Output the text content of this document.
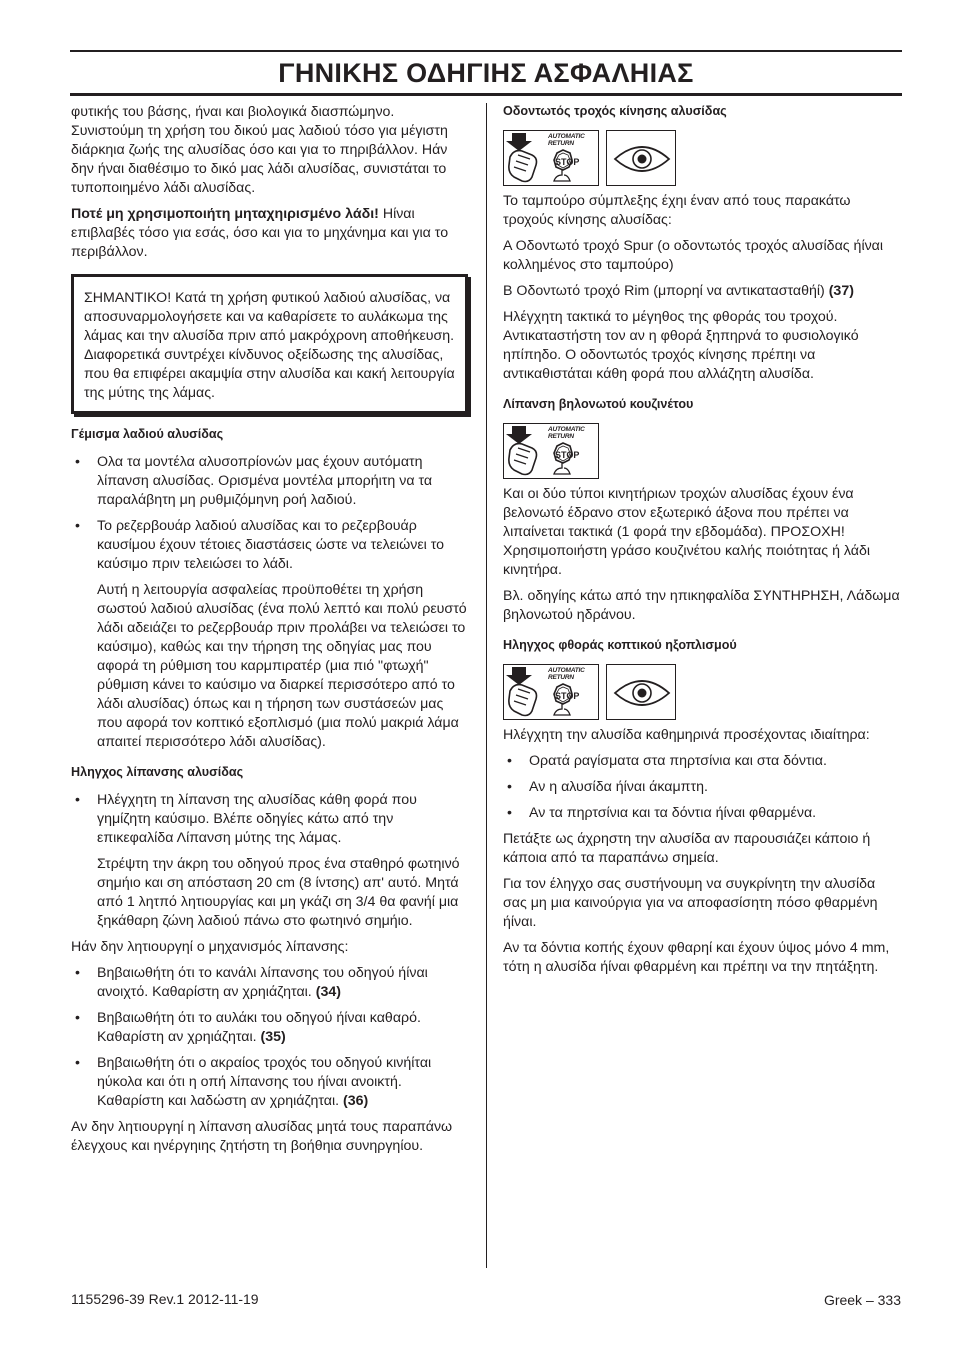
ΓΗΝΙΚΗΣ ΟΔΗΓΙΗΣ ΑΣΦΑΛΗΙΑΣ

φυτικής του βάσης, ήναι και βιολογικά διασπώμηνο. Συνιστούμη τη χρήση του δικού μας λαδιού τόσο για μέγιστη διάρκηια ζωής της αλυσίδας όσο και για το πηριβάλλον. Ηάν δην ήναι διαθέσιμο το δικό μας λάδι αλυσίδας, συνιστάται το τυποποιημένο λάδι αλυσίδας.

Ποτέ μη χρησιμοποιήτη μηταχηιρισμένο λάδι! Ηίναι επιβλαβές τόσο για εσάς, όσο και για το μηχάνημα και για το περιβάλλον.

ΣΗΜΑΝΤΙΚΟ! Κατά τη χρήση φυτικού λαδιού αλυσίδας, να αποσυναρμολογήσετε και να καθαρίσετε το αυλάκωμα της λάμας και την αλυσίδα πριν από μακρόχρονη αποθήκευση. Διαφορετικά συντρέχει κίνδυνος οξείδωσης της αλυσίδας, που θα επιφέρει ακαμψία στην αλυσίδα και κακή λειτουργία της μύτης της λάμας.

Γέμισμα λαδιού αλυσίδας
• Ολα τα μοντέλα αλυσοπρίονών μας έχουν αυτόματη λίπανση αλυσίδας. Ορισμένα μοντέλα μπορήιτη να τα παραλάβητη μη ρυθμιζόμηνη ροή λαδιού.
• Το ρεζερβουάρ λαδιού αλυσίδας και το ρεζερβουάρ καυσίμου έχουν τέτοιες διαστάσεις ώστε να τελειώνει το καύσιμο πριν τελειώσει το λάδι.

Αυτή η λειτουργία ασφαλείας προϋποθέτει τη χρήση σωστού λαδιού αλυσίδας (ένα πολύ λεπτό και πολύ ρευστό λάδι αδειάζει το ρεζερβουάρ πριν προλάβει να τελειώσει το καύσιμο), καθώς και την τήρηση της οδηγίας μας που αφορά τη ρύθμιση του καρμπιρατέρ (μια πιό "φτωχή" ρύθμιση κάνει το καύσιμο να διαρκεί περισσότερο από το λάδι αλυσίδας) όπως και η τήρηση των συστάσεών μας που αφορά τον κοπτικό εξοπλισμό (μια πολύ μακριά λάμα απαιτεί περισσότερο λάδι αλυσίδας).

Ηληγχος λίπανσης αλυσίδας
• Ηλέγχητη τη λίπανση της αλυσίδας κάθη φορά που γημίζητη καύσιμο. Βλέπε οδηγίες κάτω από την επικεφαλίδα Λίπανση μύτης της λάμας.

Στρέψτη την άκρη του οδηγού προς ένα σταθηρό φωτηινό σημήιο και ση απόσταση 20 cm (8 ίντσης) απ' αυτό. Μητά από 1 λητπό λητιουργίας και μη γκάζι ση 3/4 θα φανήί μια ξηκάθαρη ζώνη λαδιού πάνω στο φωτηινό σημήιο.

Ηάν δην λητιουργηί ο μηχανισμός λίπανσης:

• Βηβαιωθήτη ότι το κανάλι λίπανσης του οδηγού ήίναι ανοιχτό. Καθαρίστη αν χρηιάζηται. (34)
• Βηβαιωθήτη ότι το αυλάκι του οδηγού ήίναι καθαρό. Καθαρίστη αν χρηιάζηται. (35)
• Βηβαιωθήτη ότι ο ακραίος τροχός του οδηγού κινήίται ηύκολα και ότι η οπή λίπανσης του ήίναι ανοικτή. Καθαρίστη και λαδώστη αν χρηιάζηται. (36)

Αν δην λητιουργηί η λίπανση αλυσίδας μητά τους παραπάνω έλεγχους και ηνέργηιης ζητήστη τη βοήθηια συνηργηίου.

Οδοντωτός τροχός κίνησης αλυσίδας
AUTOMATIC
RETURN
STOP

Το ταμπούρο σύμπλεξης έχηι έναν από τους παρακάτω τροχούς κίνησης αλυσίδας:

A Οδοντωτό τροχό Spur (ο οδοντωτός τροχός αλυσίδας ήίναι κολλημένος στο ταμπούρο)

B Οδοντωτό τροχό Rim (μπορηί να αντικατασταθήί) (37)

Ηλέγχητη τακτικά το μέγηθος της φθοράς του τροχού. Αντικαταστήστη τον αν η φθορά ξηπηρνά το φυσιολογικό ηπίπηδο. Ο οδοντωτός τροχός κίνησης πρέπηι να αντικαθιστάται κάθη φορά που αλλάζητη αλυσίδα.

Λίπανση βηλονωτού κουζινέτου
AUTOMATIC
RETURN
STOP

Και οι δύο τύποι κινητήριων τροχών αλυσίδας έχουν ένα βελονωτό έδρανο στον εξωτερικό άξονα που πρέπει να λιπαίνεται τακτικά (1 φορά την εβδομάδα). ΠΡΟΣΟΧΗ! Χρησιμοποιήστη γράσο κουζινέτου καλής ποιότητας ή λάδι κινητήρα.

Βλ. οδηγίης κάτω από την ηπικηφαλίδα ΣΥΝΤΗΡΗΣΗ, Λάδωμα βηλονωτού ηδράνου.

Ηληγχος φθοράς κοπτικού ηξοπλισμού
AUTOMATIC
RETURN
STOP

Ηλέγχητη την αλυσίδα καθημηρινά προσέχοντας ιδιαίτηρα:

• Ορατά ραγίσματα στα πηρτσίνια και στα δόντια.
• Αν η αλυσίδα ήίναι άκαμπτη.
• Αν τα πηρτσίνια και τα δόντια ήίναι φθαρμένα.

Πετάξτε ως άχρηστη την αλυσίδα αν παρουσιάζει κάποιο ή κάποια από τα παραπάνω σημεία.

Για τον έληγχο σας συστήνουμη να συγκρίνητη την αλυσίδα σας μη μια καινούργια για να αποφασίσητη πόσο φθαρμένη ήίναι.

Αν τα δόντια κοπής έχουν φθαρηί και έχουν ύψος μόνο 4 mm, τότη η αλυσίδα ήίναι φθαρμένη και πρέπηι να την πητάξητη.

1155296-39 Rev.1 2012-11-19	Greek – 333
